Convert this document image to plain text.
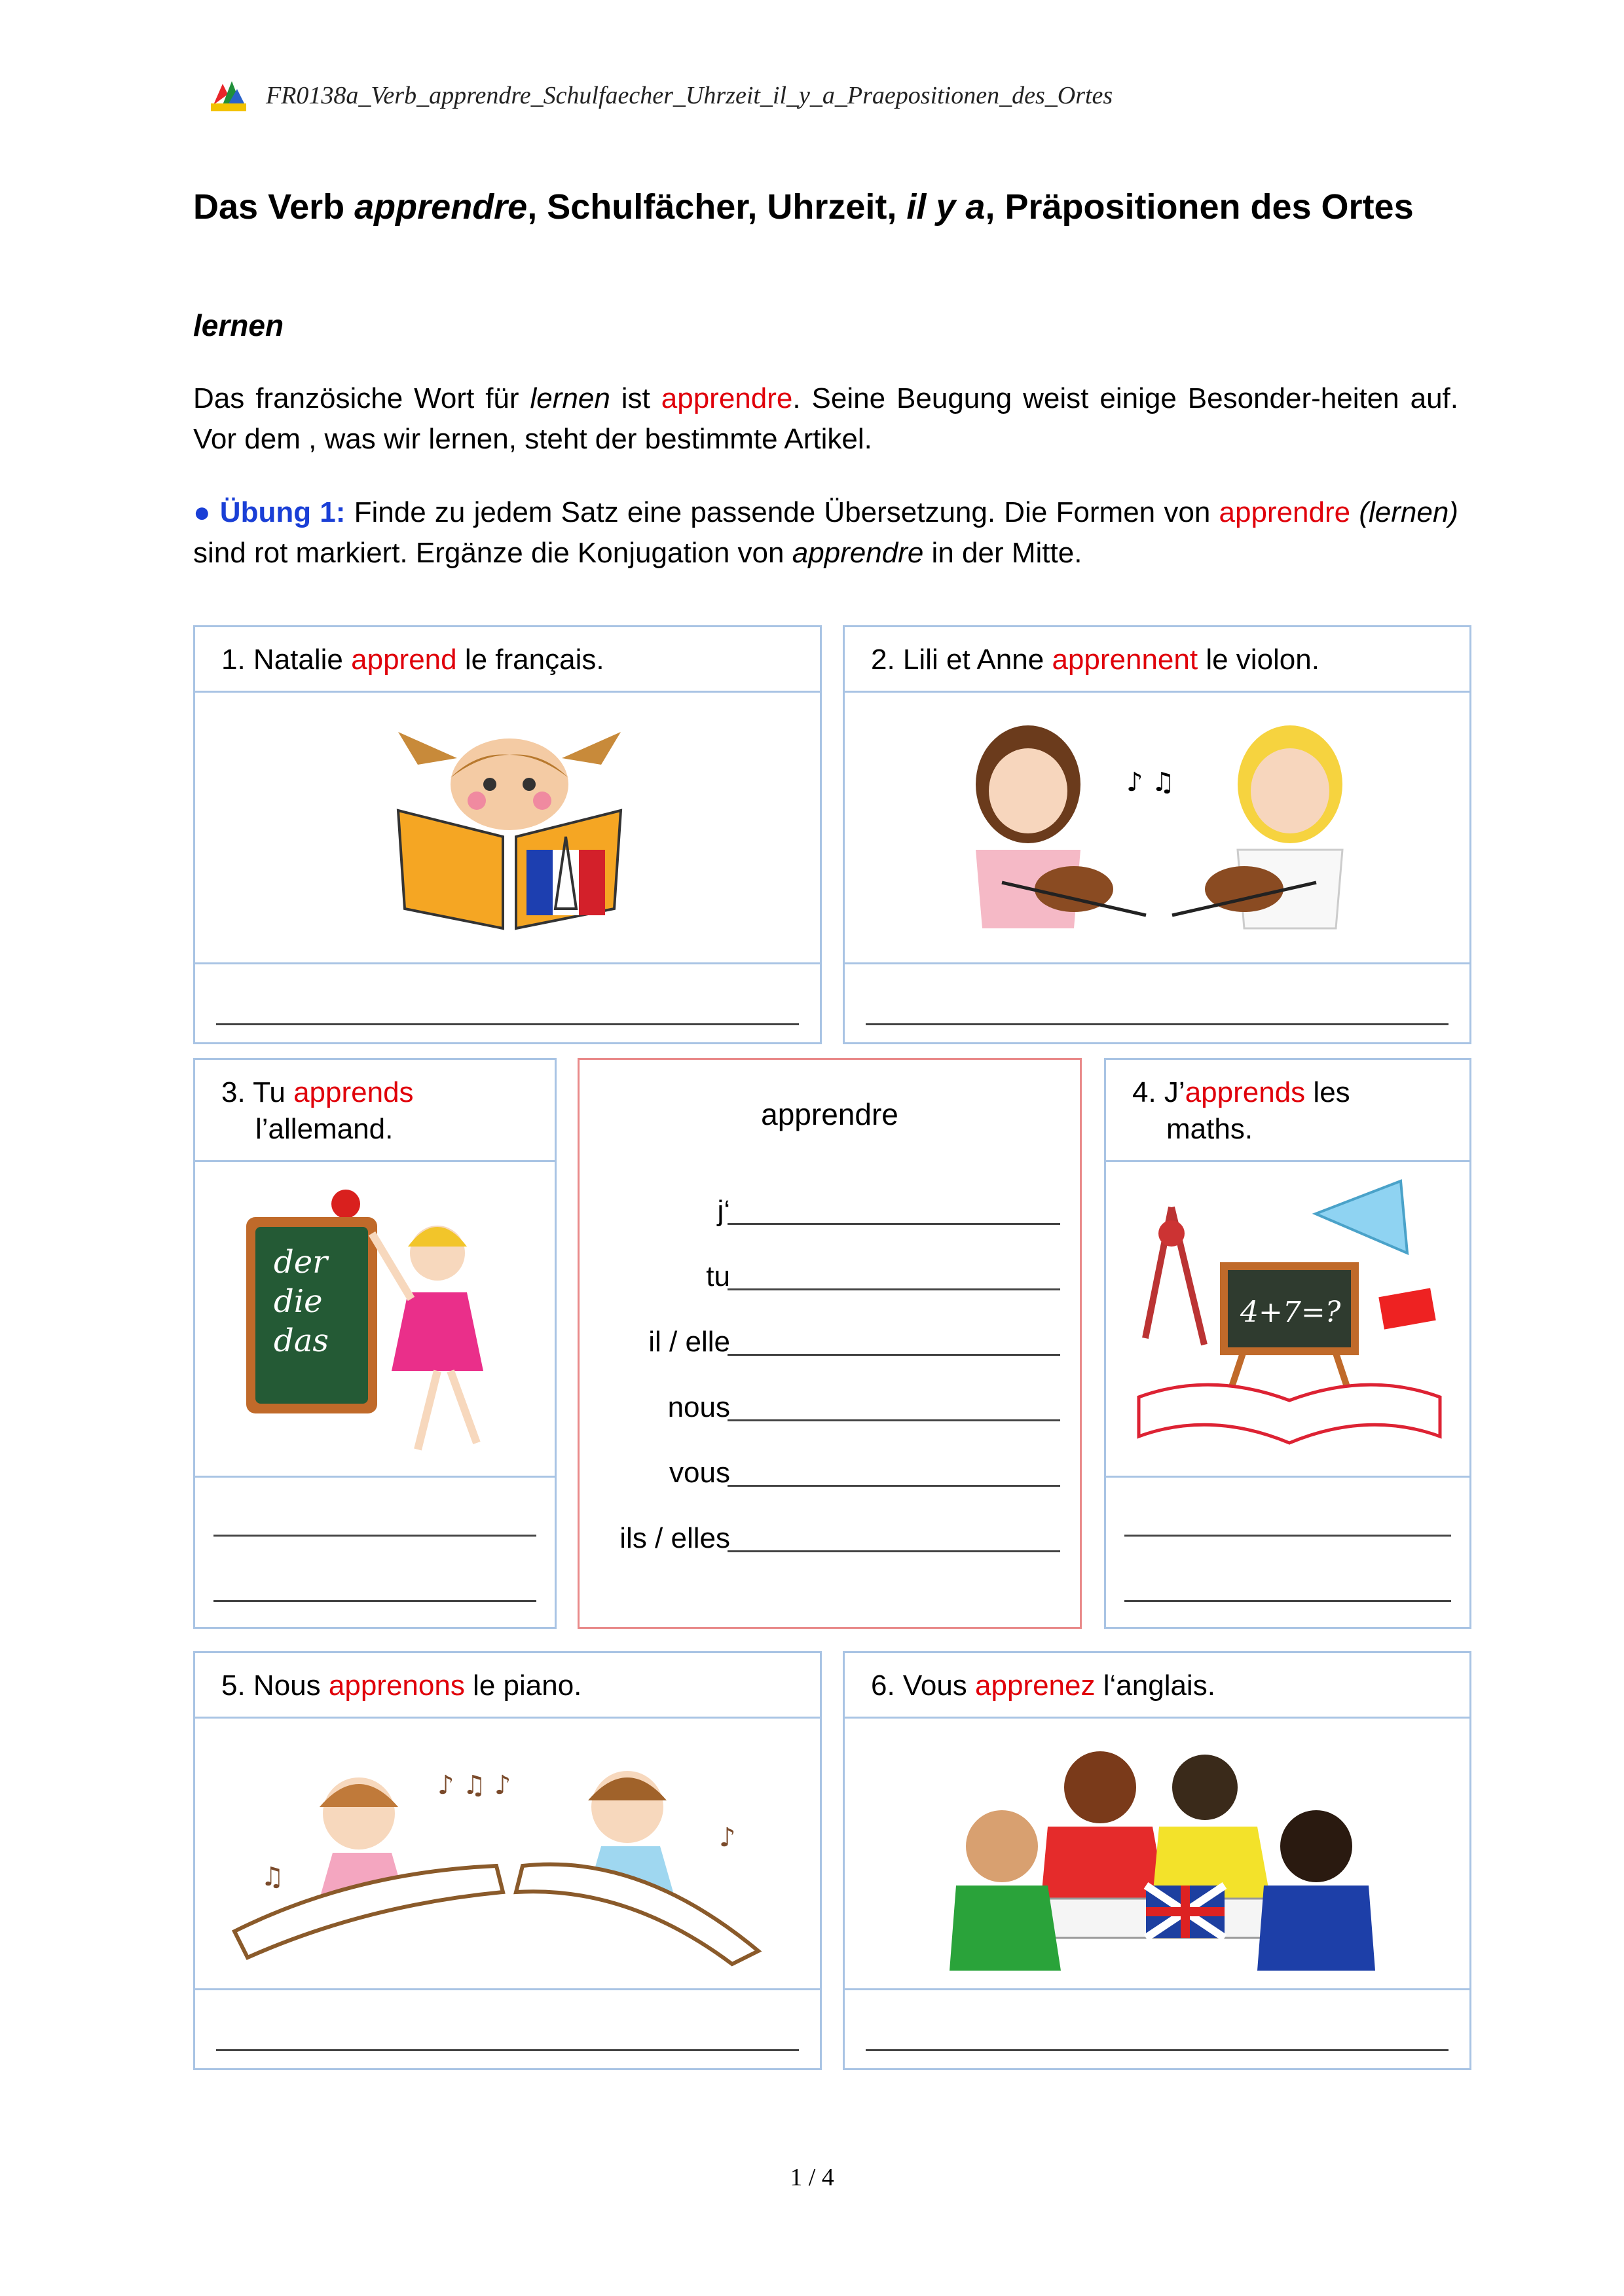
FR0138a_Verb_apprendre_Schulfaecher_Uhrzeit_il_y_a_Praepositionen_des_Ortes
Das Verb apprendre, Schulfächer, Uhrzeit, il y a, Präpositionen des Ortes
lernen
Das französiche Wort für lernen ist apprendre. Seine Beugung weist einige Besonder-heiten auf. Vor dem , was wir lernen, steht der bestimmte Artikel.
● Übung 1: Finde zu jedem Satz eine passende Übersetzung. Die Formen von apprendre (lernen) sind rot markiert. Ergänze die Konjugation von apprendre in der Mitte.
1. Natalie apprend le français.	2. Lili et Anne apprennent le violon.
♪ ♫
3. Tu apprends
l’allemand.
der
die
das
apprendre
j‘
tu
il / elle
nous
vous
ils / elles
4. J’apprends les
maths.
4+7=?
5. Nous apprenons le piano.
♪ ♫ ♪
♫
♪
6. Vous apprenez l‘anglais.
1 / 4
